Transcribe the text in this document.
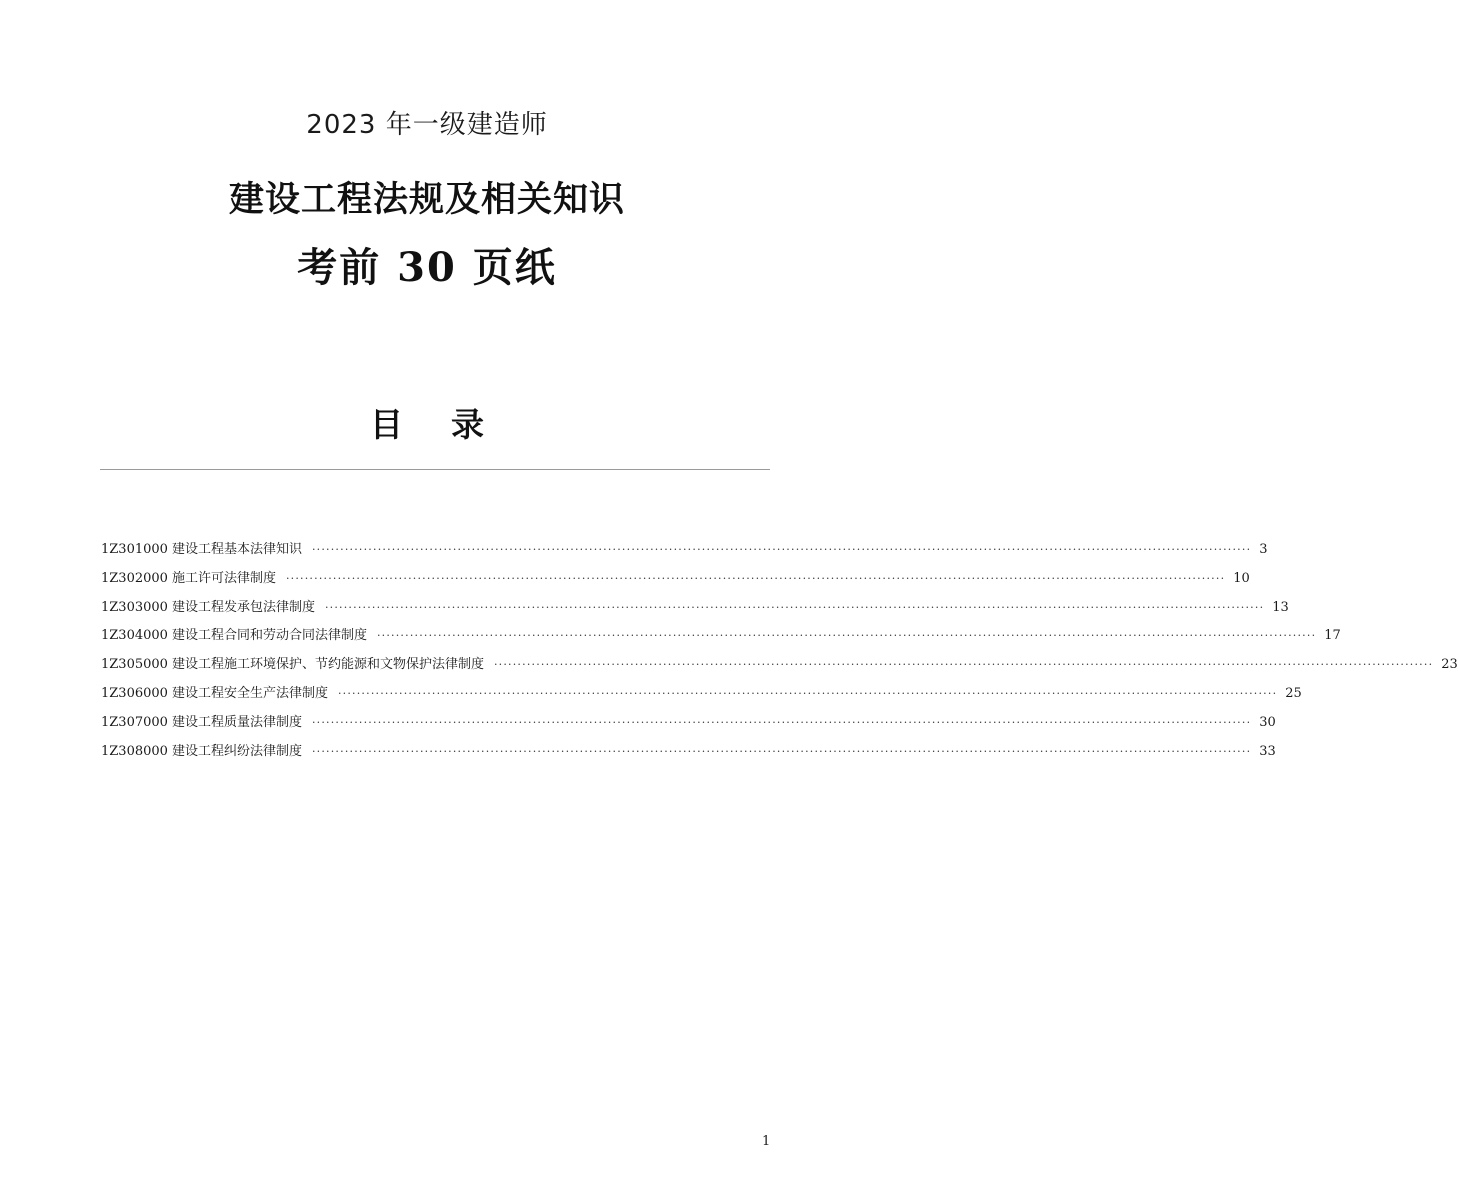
2023 年一级建造师
建设工程法规及相关知识
考前 30 页纸
目 录
1Z301000 建设工程基本法律知识 ········································································································································································································ 3
1Z302000 施工许可法律制度 ········································································································································································································ 10
1Z303000 建设工程发承包法律制度 ········································································································································································································ 13
1Z304000 建设工程合同和劳动合同法律制度 ········································································································································································································ 17
1Z305000 建设工程施工环境保护、节约能源和文物保护法律制度 ········································································································································································································ 23
1Z306000 建设工程安全生产法律制度 ········································································································································································································ 25
1Z307000 建设工程质量法律制度 ········································································································································································································ 30
1Z308000 建设工程纠纷法律制度 ········································································································································································································ 33
1
